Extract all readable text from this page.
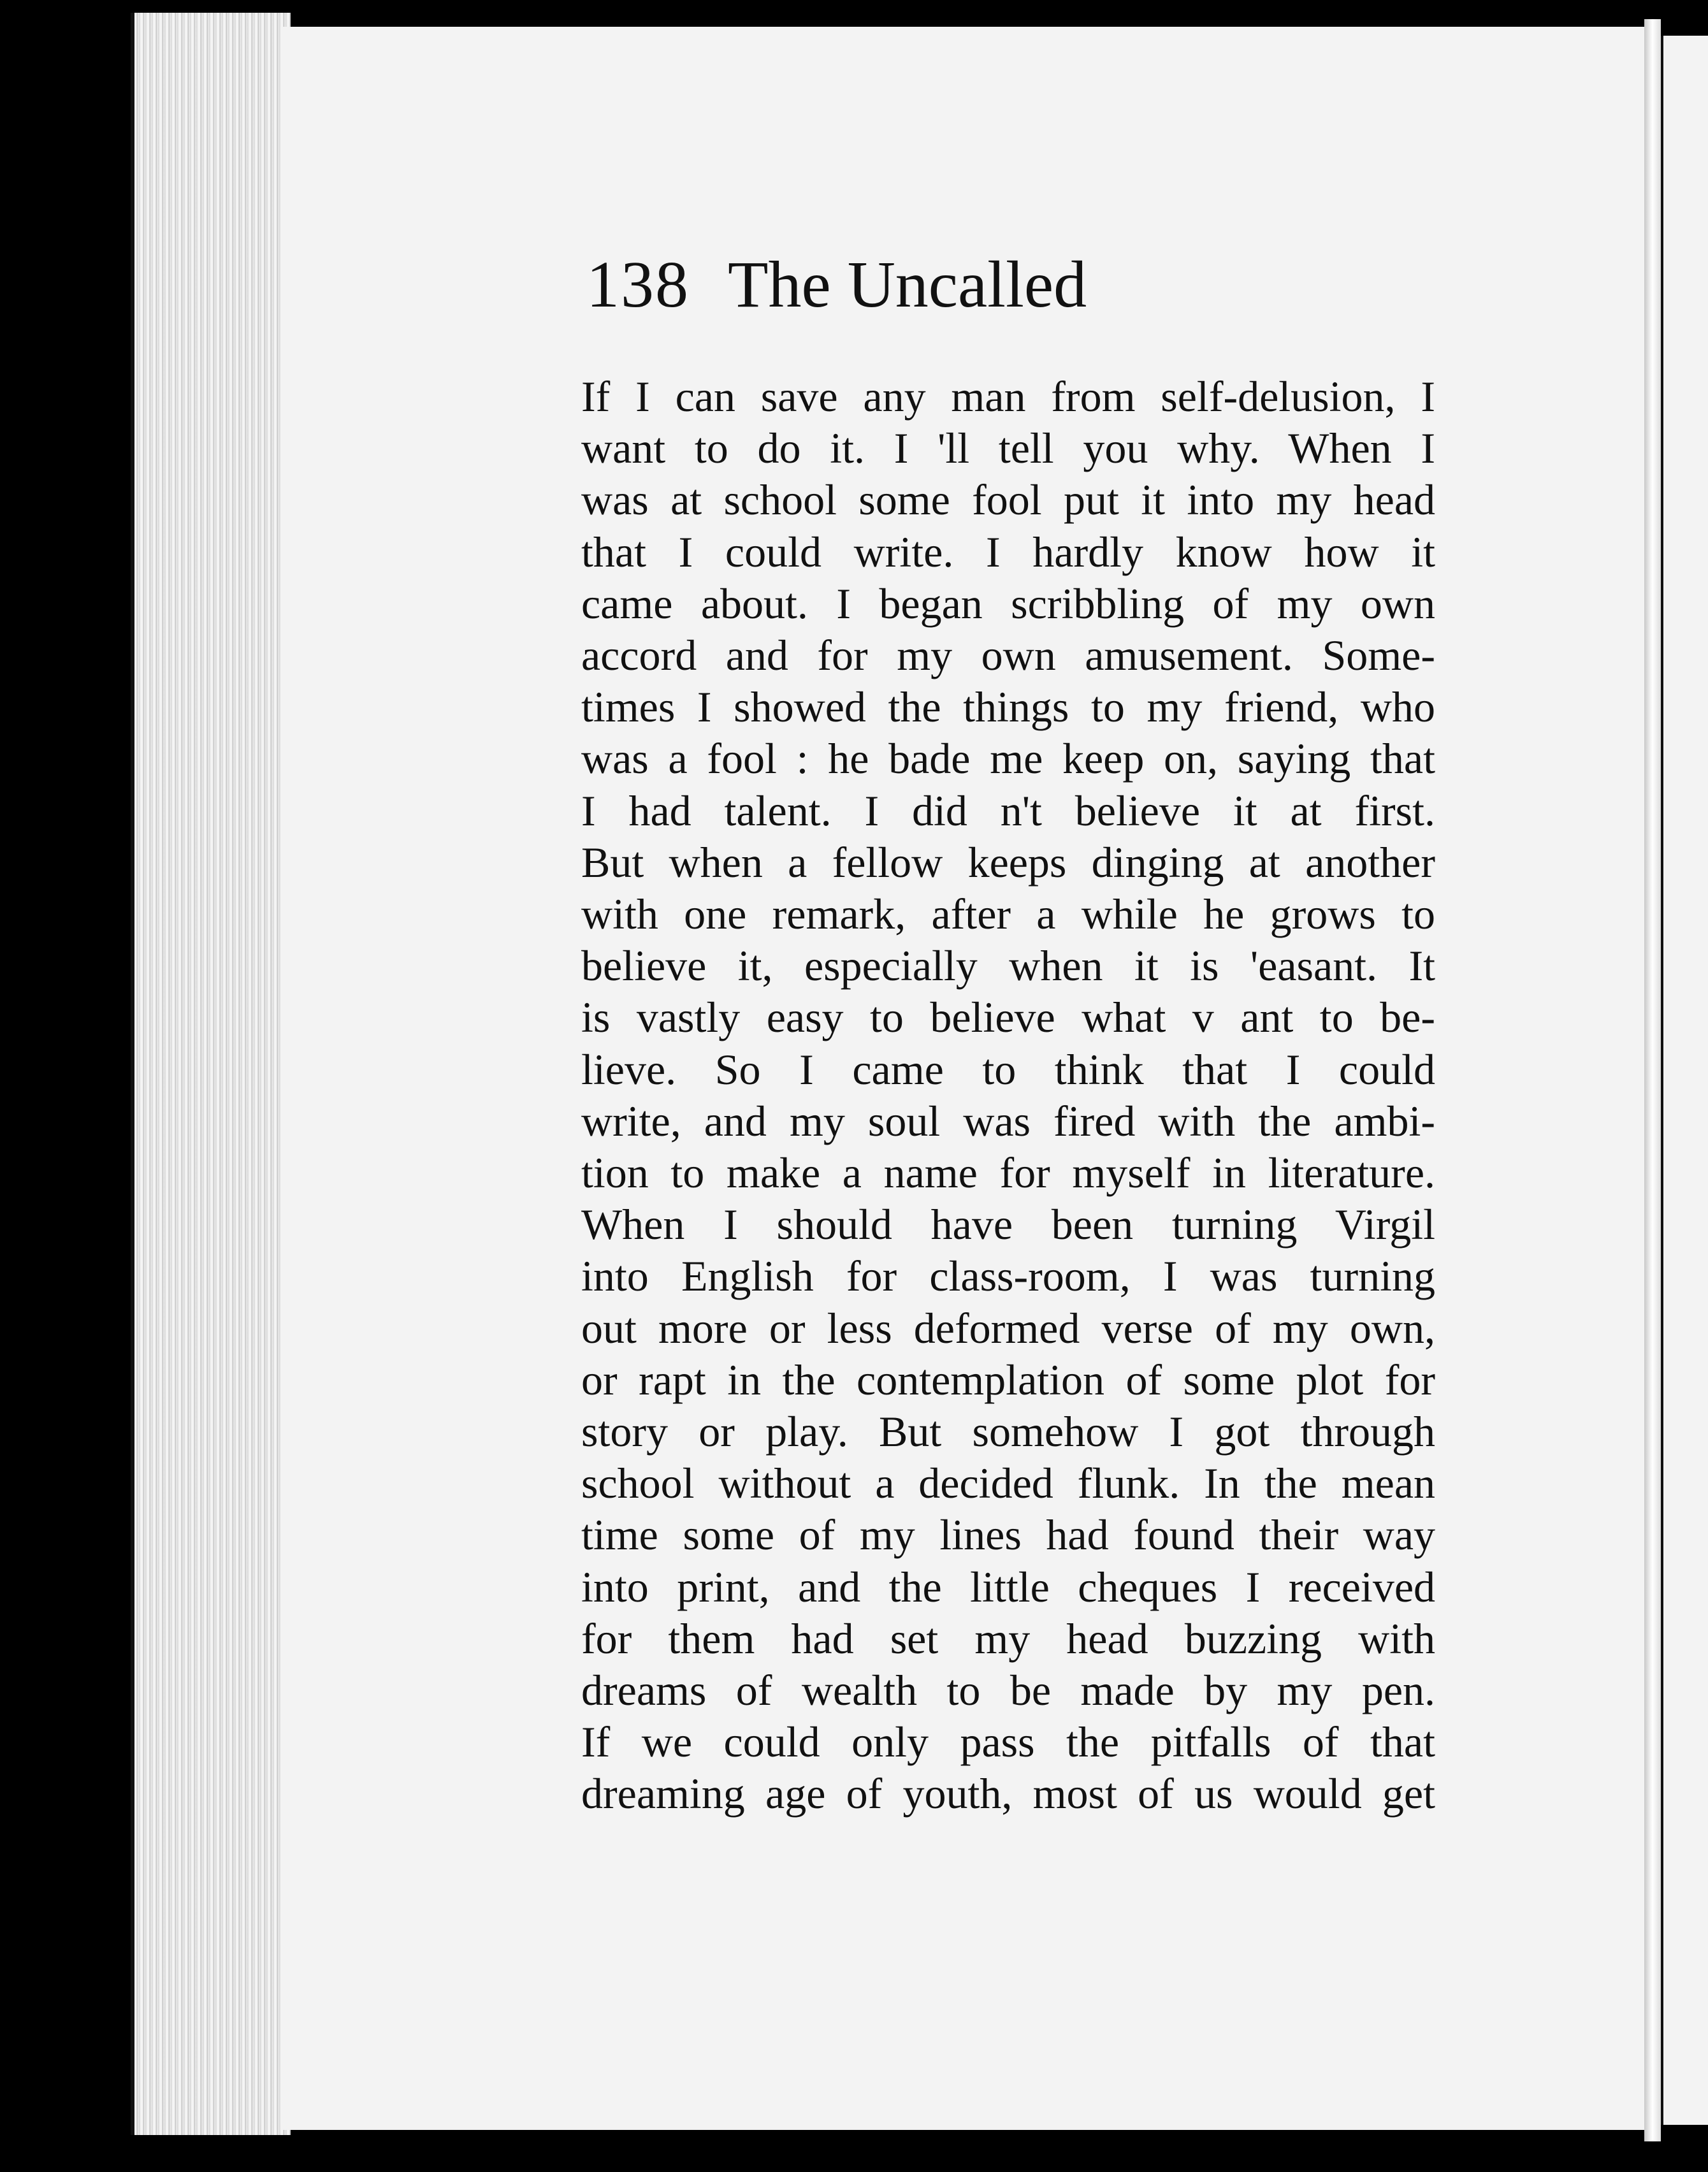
138 The Uncalled
If I can save any man from self-delusion, I
want to do it. I 'll tell you why. When I
was at school some fool put it into my head
that I could write. I hardly know how it
came about. I began scribbling of my own
accord and for my own amusement. Some-
times I showed the things to my friend, who
was a fool : he bade me keep on, saying that
I had talent. I did n't believe it at first.
But when a fellow keeps dinging at another
with one remark, after a while he grows to
believe it, especially when it is 'easant. It
is vastly easy to believe what v ant to be-
lieve. So I came to think that I could
write, and my soul was fired with the ambi-
tion to make a name for myself in literature.
When I should have been turning Virgil
into English for class-room, I was turning
out more or less deformed verse of my own,
or rapt in the contemplation of some plot for
story or play. But somehow I got through
school without a decided flunk. In the mean
time some of my lines had found their way
into print, and the little cheques I received
for them had set my head buzzing with
dreams of wealth to be made by my pen.
If we could only pass the pitfalls of that
dreaming age of youth, most of us would get
